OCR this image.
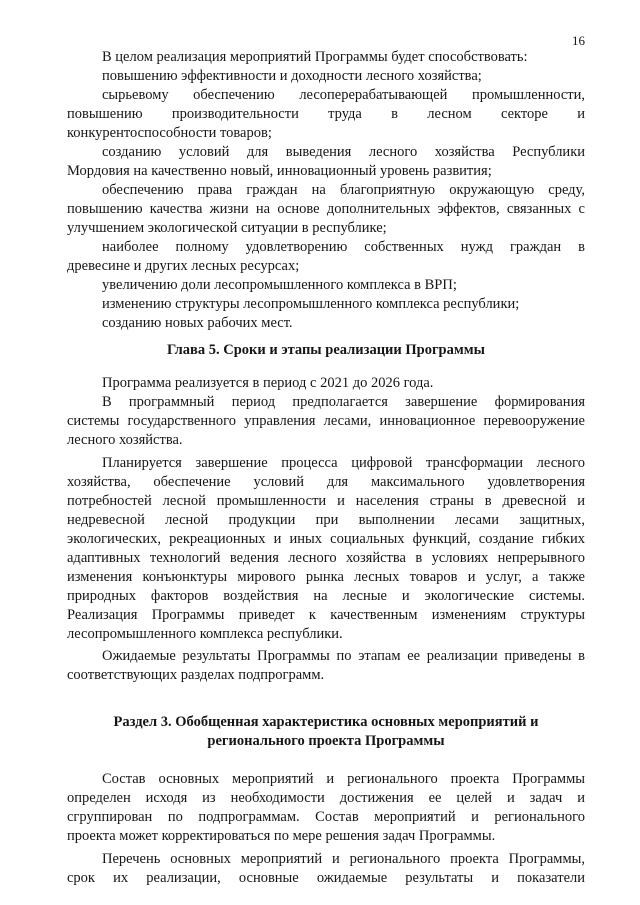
16
В целом реализация мероприятий Программы будет способствовать:
повышению эффективности и доходности лесного хозяйства;
сырьевому обеспечению лесоперерабатывающей промышленности,
повышению производительности труда в лесном секторе и
конкурентоспособности товаров;
созданию условий для выведения лесного хозяйства Республики
Мордовия на качественно новый, инновационный уровень развития;
обеспечению права граждан на благоприятную окружающую среду,
повышению качества жизни на основе дополнительных эффектов, связанных с
улучшением экологической ситуации в республике;
наиболее полному удовлетворению собственных нужд граждан в
древесине и других лесных ресурсах;
увеличению доли лесопромышленного комплекса в ВРП;
изменению структуры лесопромышленного комплекса республики;
созданию новых рабочих мест.
Глава 5. Сроки и этапы реализации Программы
Программа реализуется в период с 2021 до 2026 года.
В программный период предполагается завершение формирования
системы государственного управления лесами, инновационное перевооружение
лесного хозяйства.
Планируется завершение процесса цифровой трансформации лесного
хозяйства, обеспечение условий для максимального удовлетворения
потребностей лесной промышленности и населения страны в древесной и
недревесной лесной продукции при выполнении лесами защитных,
экологических, рекреационных и иных социальных функций, создание гибких
адаптивных технологий ведения лесного хозяйства в условиях непрерывного
изменения конъюнктуры мирового рынка лесных товаров и услуг, а также
природных факторов воздействия на лесные и экологические системы.
Реализация Программы приведет к качественным изменениям структуры
лесопромышленного комплекса республики.
Ожидаемые результаты Программы по этапам ее реализации приведены в
соответствующих разделах подпрограмм.
Раздел 3. Обобщенная характеристика основных мероприятий и
регионального проекта Программы
Состав основных мероприятий и регионального проекта Программы
определен исходя из необходимости достижения ее целей и задач и
сгруппирован по подпрограммам. Состав мероприятий и регионального
проекта может корректироваться по мере решения задач Программы.
Перечень основных мероприятий и регионального проекта Программы,
срок их реализации, основные ожидаемые результаты и показатели
